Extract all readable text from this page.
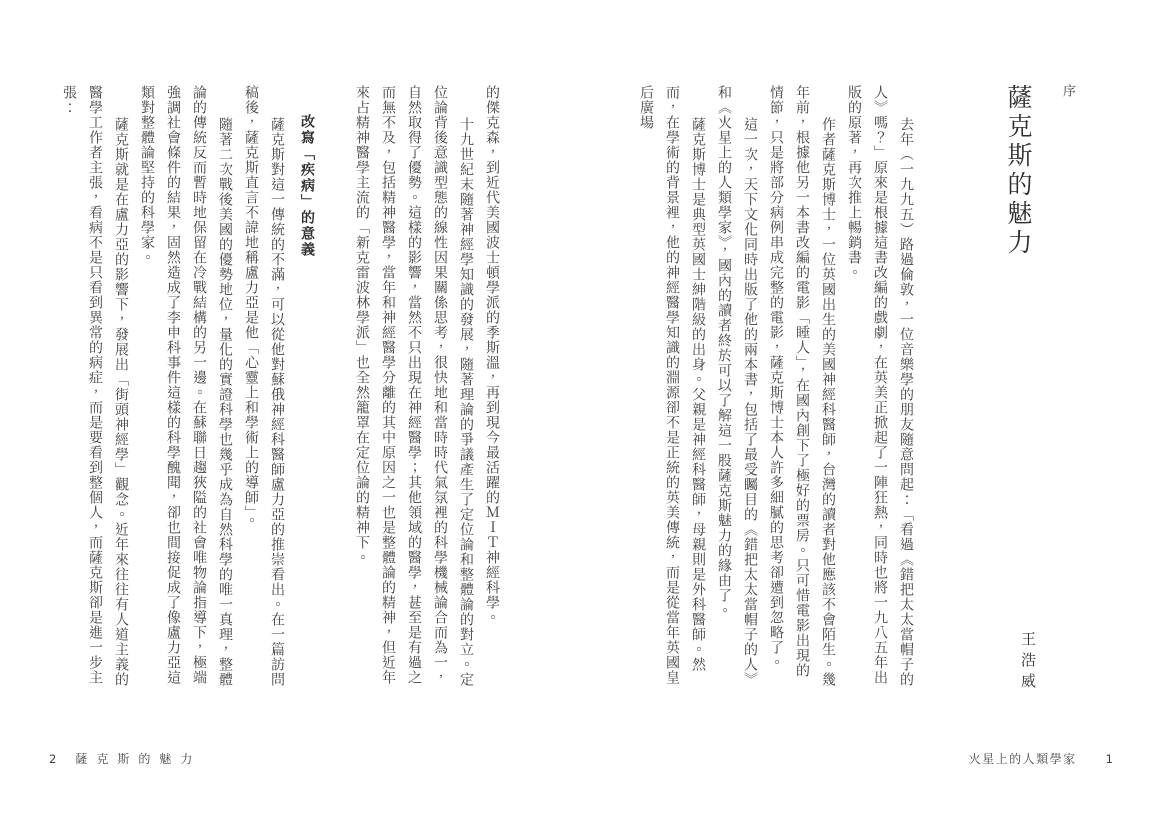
序
薩克斯的魅力

去年（一九九五）路過倫敦，一位音樂學的朋友隨意問起：「看過《錯把太太當帽子的人》嗎？」原來是根據這書改編的戲劇，在英美正掀起了一陣狂熱，同時也將一九八五年出版的原著，再次推上暢銷書。

作者薩克斯博士，一位英國出生的美國神經科醫師，台灣的讀者對他應該不會陌生。幾年前，根據他另一本書改編的電影「睡人」，在國內創下了極好的票房。只可惜電影出現的情節，只是將部分病例串成完整的電影，薩克斯博士本人許多細膩的思考卻遭到忽略了。

這一次，天下文化同時出版了他的兩本書，包括了最受矚目的《錯把太太當帽子的人》和《火星上的人類學家》，國內的讀者終於可以了解這一股薩克斯魅力的緣由了。

薩克斯博士是典型英國士紳階級的出身。父親是神經科醫師，母親則是外科醫師。然而，在學術的背景裡，他的神經醫學知識的淵源卻不是正統的英美傳統，而是從當年英國皇后廣場

王浩威
火星上的人類學家	1

的傑克森，到近代美國波士頓學派的季斯溫，再到現今最活躍的ＭＩＴ神經科學。

十九世紀末隨著神經學知識的發展，隨著理論的爭議產生了定位論和整體論的對立。定位論背後意識型態的線性因果關係思考，很快地和當時時代氣氛裡的科學機械論合而為一，自然取得了優勢。這樣的影響，當然不只出現在神經醫學；其他領域的醫學，甚至是有過之而無不及，包括精神醫學，當年和神經醫學分離的其中原因之一也是整體論的精神，但近年來占精神醫學主流的「新克雷波林學派」也全然籠罩在定位論的精神下。

改寫「疾病」的意義

薩克斯對這一傳統的不滿，可以從他對蘇俄神經科醫師盧力亞的推崇看出。在一篇訪問稿後，薩克斯直言不諱地稱盧力亞是他「心靈上和學術上的導師」。

隨著二次戰後美國的優勢地位，量化的實證科學也幾乎成為自然科學的唯一真理，整體論的傳統反而暫時地保留在冷戰結構的另一邊。在蘇聯日趨狹隘的社會唯物論指導下，極端強調社會條件的結果，固然造成了李申科事件這樣的科學醜聞，卻也間接促成了像盧力亞這類對整體論堅持的科學家。

薩克斯就是在盧力亞的影響下，發展出「街頭神經學」觀念。近年來往往有人道主義的醫學工作者主張，看病不是只看到異常的病症，而是要看到整個人，而薩克斯卻是進一步主張：

2 薩克斯的魅力
